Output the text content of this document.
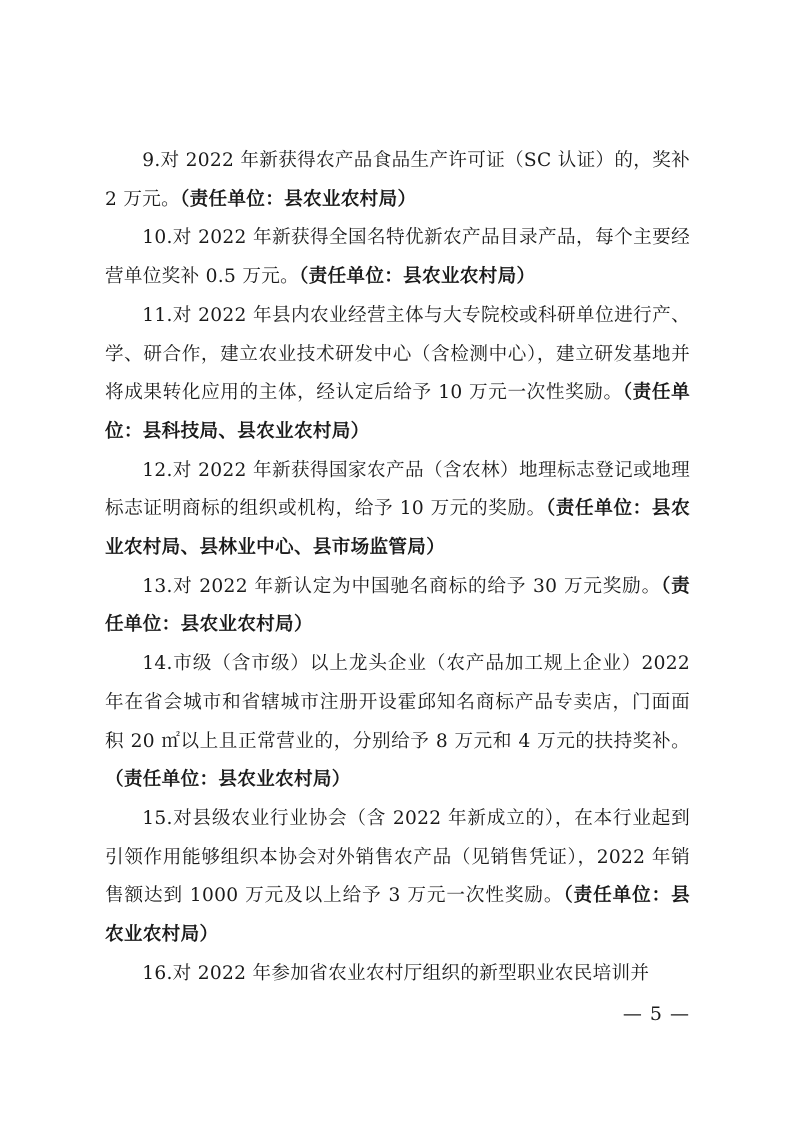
9.对 2022 年新获得农产品食品生产许可证（SC 认证）的，奖补 2 万元。（责任单位：县农业农村局）

10.对 2022 年新获得全国名特优新农产品目录产品，每个主要经营单位奖补 0.5 万元。（责任单位：县农业农村局）

11.对 2022 年县内农业经营主体与大专院校或科研单位进行产、学、研合作，建立农业技术研发中心（含检测中心），建立研发基地并将成果转化应用的主体，经认定后给予 10 万元一次性奖励。（责任单位：县科技局、县农业农村局）

12.对 2022 年新获得国家农产品（含农林）地理标志登记或地理标志证明商标的组织或机构，给予 10 万元的奖励。（责任单位：县农业农村局、县林业中心、县市场监管局）

13.对 2022 年新认定为中国驰名商标的给予 30 万元奖励。（责任单位：县农业农村局）

14.市级（含市级）以上龙头企业（农产品加工规上企业）2022 年在省会城市和省辖城市注册开设霍邱知名商标产品专卖店，门面面积 20 ㎡以上且正常营业的，分别给予 8 万元和 4 万元的扶持奖补。（责任单位：县农业农村局）

15.对县级农业行业协会（含 2022 年新成立的），在本行业起到引领作用能够组织本协会对外销售农产品（见销售凭证），2022 年销售额达到 1000 万元及以上给予 3 万元一次性奖励。（责任单位：县农业农村局）

16.对 2022 年参加省农业农村厅组织的新型职业农民培训并

— 5 —
